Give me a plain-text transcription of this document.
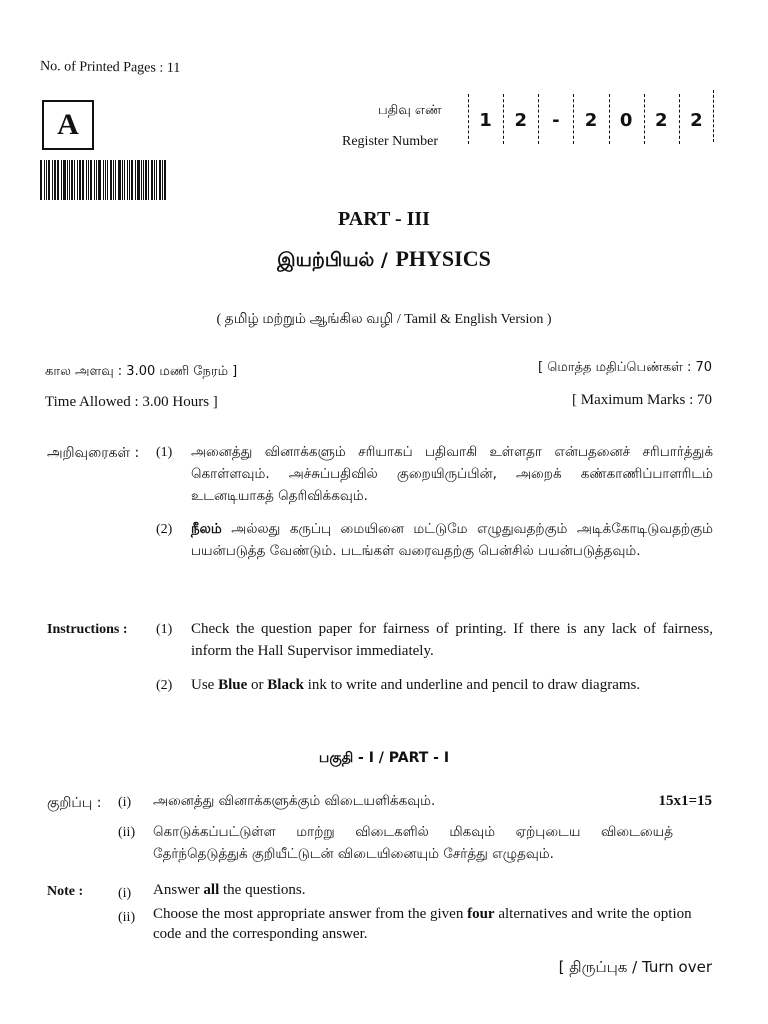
No. of Printed Pages : 11
A	பதிவு எண்
Register Number
1	2	-	2	0	2	2
PART - III
இயற்பியல் / PHYSICS
( தமிழ் மற்றும் ஆங்கில வழி / Tamil & English Version )
கால அளவு : 3.00 மணி நேரம் ]
Time Allowed : 3.00 Hours ]
[ மொத்த மதிப்பெண்கள் : 70
[ Maximum Marks : 70
அறிவுரைகள் : (1) அனைத்து வினாக்களும் சரியாகப் பதிவாகி உள்ளதா என்பதனைச் சரிபார்த்துக் கொள்ளவும். அச்சுப்பதிவில் குறையிருப்பின், அறைக் கண்காணிப்பாளரிடம் உடனடியாகத் தெரிவிக்கவும்.
(2) நீலம் அல்லது கருப்பு மையினை மட்டுமே எழுதுவதற்கும் அடிக்கோடிடுவதற்கும் பயன்படுத்த வேண்டும். படங்கள் வரைவதற்கு பென்சில் பயன்படுத்தவும்.
Instructions : (1) Check the question paper for fairness of printing. If there is any lack of fairness, inform the Hall Supervisor immediately.
(2) Use Blue or Black ink to write and underline and pencil to draw diagrams.
பகுதி - I / PART - I
குறிப்பு : (i) அனைத்து வினாக்களுக்கும் விடையளிக்கவும்.	15x1=15
(ii) கொடுக்கப்பட்டுள்ள மாற்று விடைகளில் மிகவும் ஏற்புடைய விடையைத் தேர்ந்தெடுத்துக் குறியீட்டுடன் விடையினையும் சேர்த்து எழுதவும்.
Note : (i) Answer all the questions.
(ii) Choose the most appropriate answer from the given four alternatives and write the option code and the corresponding answer.
[ திருப்புக / Turn over
